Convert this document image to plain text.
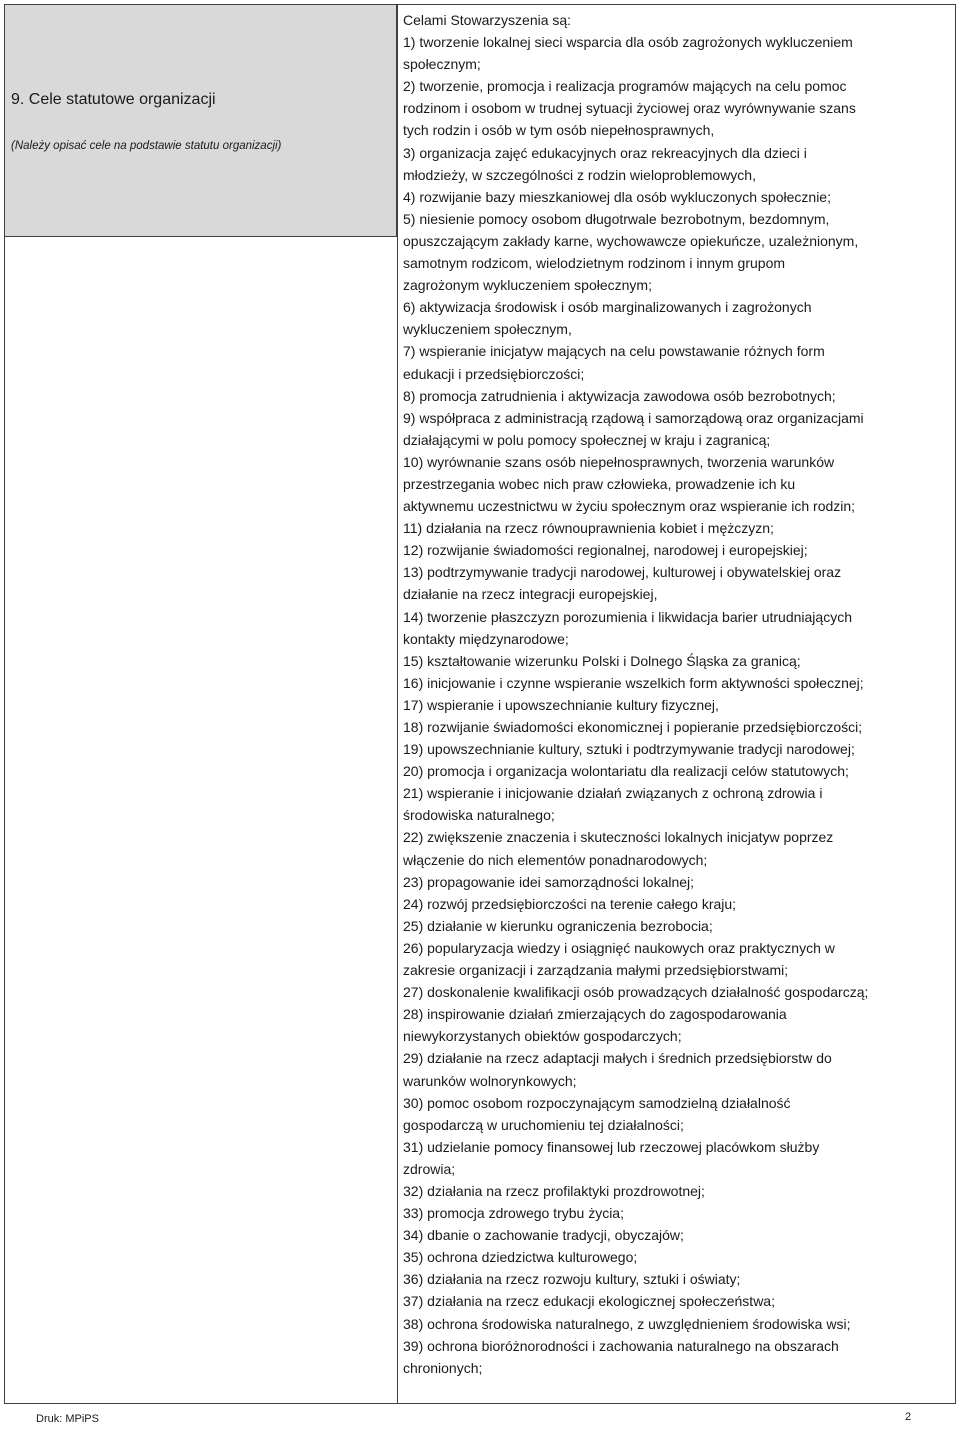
9. Cele statutowe organizacji
(Należy opisać cele na podstawie statutu organizacji)

Celami Stowarzyszenia są:

1) tworzenie lokalnej sieci wsparcia dla osób zagrożonych wykluczeniem

społecznym;

2) tworzenie, promocja i realizacja programów mających na celu pomoc

rodzinom i osobom w trudnej sytuacji życiowej oraz wyrównywanie szans

tych rodzin i osób w tym osób niepełnosprawnych,

3) organizacja zajęć edukacyjnych oraz rekreacyjnych dla dzieci i

młodzieży, w szczególności z rodzin wieloproblemowych,

4) rozwijanie bazy mieszkaniowej dla osób wykluczonych społecznie;

5) niesienie pomocy osobom długotrwale bezrobotnym, bezdomnym,

opuszczającym zakłady karne, wychowawcze opiekuńcze, uzależnionym,

samotnym rodzicom, wielodzietnym rodzinom i innym grupom

zagrożonym wykluczeniem społecznym;

6) aktywizacja środowisk i osób marginalizowanych i zagrożonych

wykluczeniem społecznym,

7) wspieranie inicjatyw mających na celu powstawanie różnych form

edukacji i przedsiębiorczości;

8) promocja zatrudnienia i aktywizacja zawodowa osób bezrobotnych;

9) współpraca z administracją rządową i samorządową oraz organizacjami

działającymi w polu pomocy społecznej w kraju i zagranicą;

10) wyrównanie szans osób niepełnosprawnych, tworzenia warunków

przestrzegania wobec nich praw człowieka, prowadzenie ich ku

aktywnemu uczestnictwu w życiu społecznym oraz wspieranie ich rodzin;

11) działania na rzecz równouprawnienia kobiet i mężczyzn;

12) rozwijanie świadomości regionalnej, narodowej i europejskiej;

13) podtrzymywanie tradycji narodowej, kulturowej i obywatelskiej oraz

działanie na rzecz integracji europejskiej,

14) tworzenie płaszczyzn porozumienia i likwidacja barier utrudniających

kontakty międzynarodowe;

15) kształtowanie wizerunku Polski i Dolnego Śląska za granicą;

16) inicjowanie i czynne wspieranie wszelkich form aktywności społecznej;

17) wspieranie i upowszechnianie kultury fizycznej,

18) rozwijanie świadomości ekonomicznej i popieranie przedsiębiorczości;

19) upowszechnianie kultury, sztuki i podtrzymywanie tradycji narodowej;

20) promocja i organizacja wolontariatu dla realizacji celów statutowych;

21) wspieranie i inicjowanie działań związanych z ochroną zdrowia i

środowiska naturalnego;

22) zwiększenie znaczenia i skuteczności lokalnych inicjatyw poprzez

włączenie do nich elementów ponadnarodowych;

23) propagowanie idei samorządności lokalnej;

24) rozwój przedsiębiorczości na terenie całego kraju;

25) działanie w kierunku ograniczenia bezrobocia;

26) popularyzacja wiedzy i osiągnięć naukowych oraz praktycznych w

zakresie organizacji i zarządzania małymi przedsiębiorstwami;

27) doskonalenie kwalifikacji osób prowadzących działalność gospodarczą;

28) inspirowanie działań zmierzających do zagospodarowania

niewykorzystanych obiektów gospodarczych;

29) działanie na rzecz adaptacji małych i średnich przedsiębiorstw do

warunków wolnorynkowych;

30) pomoc osobom rozpoczynającym samodzielną działalność

gospodarczą w uruchomieniu tej działalności;

31) udzielanie pomocy finansowej lub rzeczowej placówkom służby

zdrowia;

32) działania na rzecz profilaktyki prozdrowotnej;

33) promocja zdrowego trybu życia;

34) dbanie o zachowanie tradycji, obyczajów;

35) ochrona dziedzictwa kulturowego;

36) działania na rzecz rozwoju kultury, sztuki i oświaty;

37) działania na rzecz edukacji ekologicznej społeczeństwa;

38) ochrona środowiska naturalnego, z uwzględnieniem środowiska wsi;

39) ochrona bioróżnorodności i zachowania naturalnego na obszarach

chronionych;

Druk: MPiPS	2
